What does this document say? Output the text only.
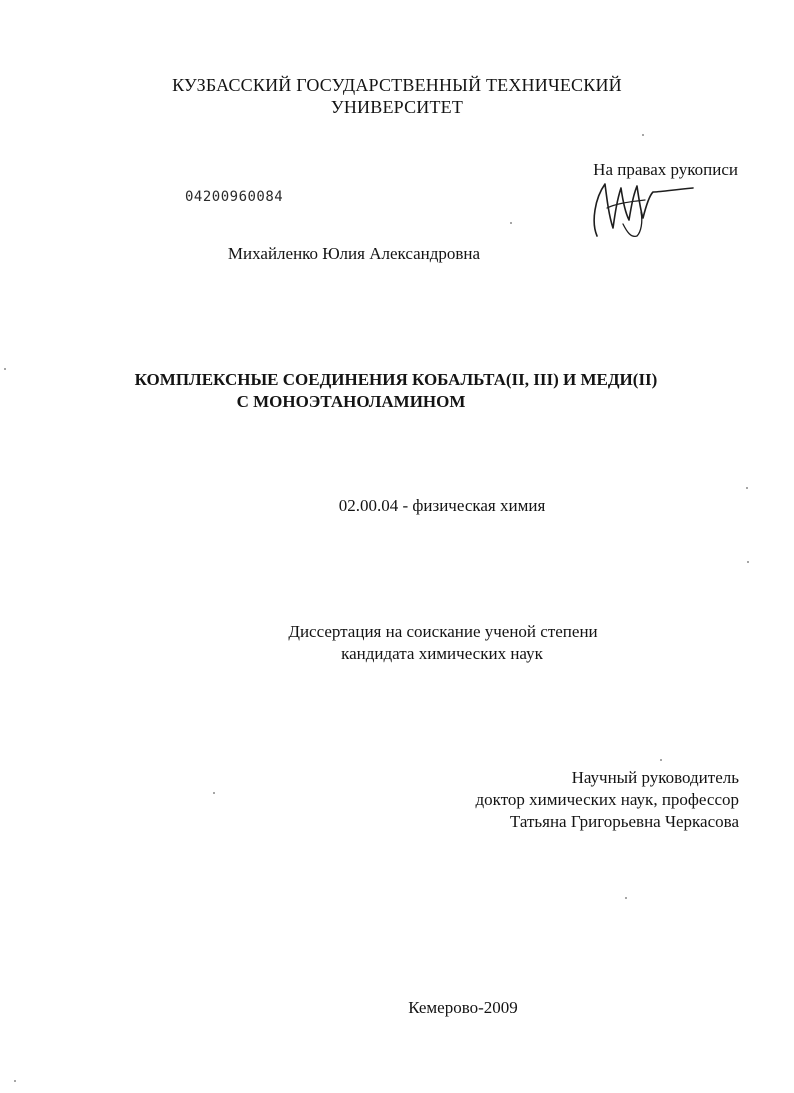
КУЗБАССКИЙ ГОСУДАРСТВЕННЫЙ ТЕХНИЧЕСКИЙ
УНИВЕРСИТЕТ
На правах рукописи
04200960084
Михайленко Юлия Александровна
КОМПЛЕКСНЫЕ СОЕДИНЕНИЯ КОБАЛЬТА(II, III) И МЕДИ(II)
С МОНОЭТАНОЛАМИНОМ
02.00.04 - физическая химия
Диссертация на соискание ученой степени
кандидата химических наук
Научный руководитель
доктор химических наук, профессор
Татьяна Григорьевна Черкасова
Кемерово-2009
